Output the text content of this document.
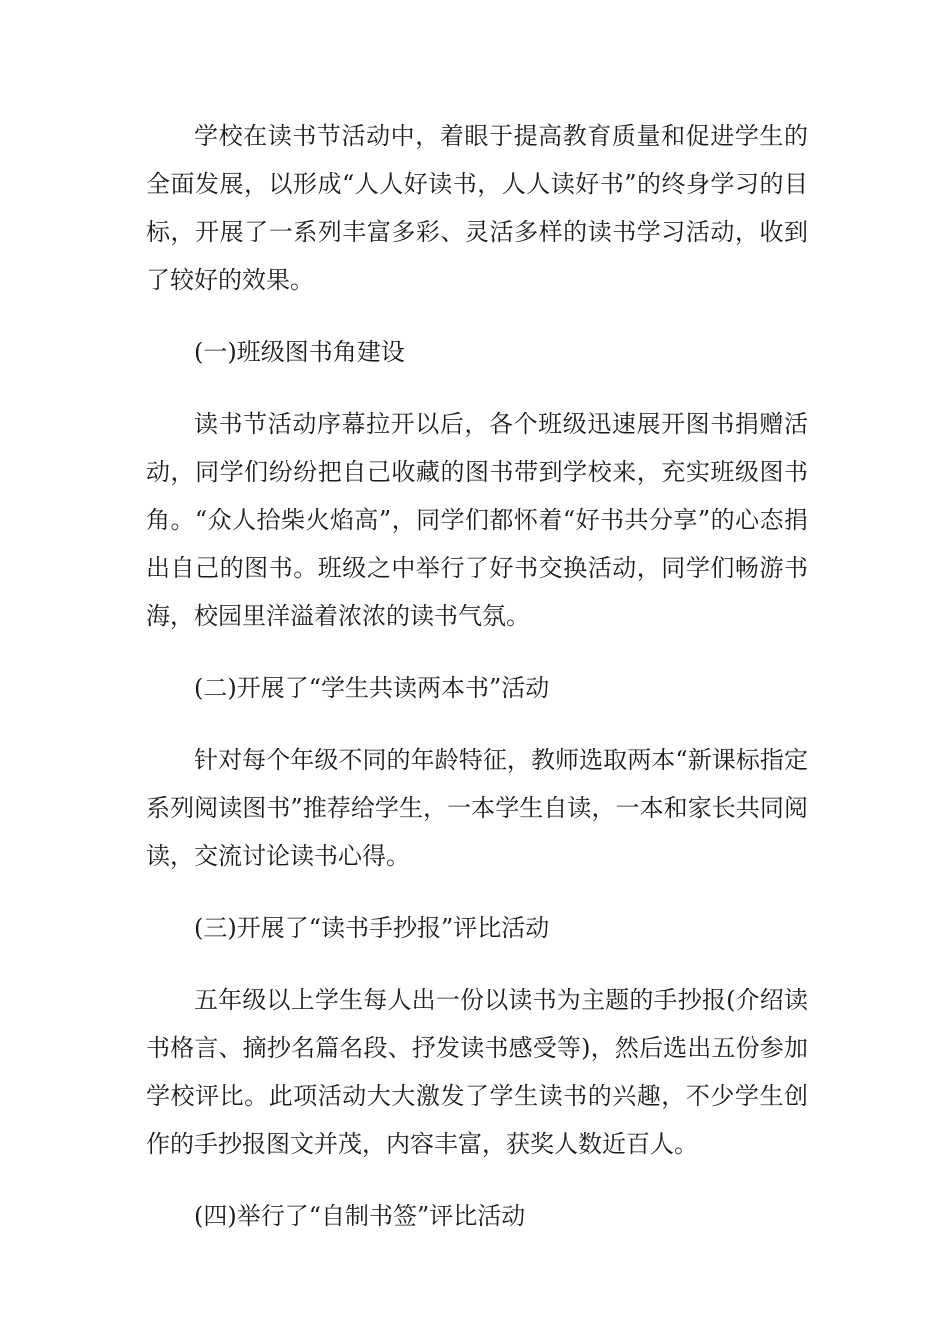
学校在读书节活动中，着眼于提高教育质量和促进学生的全面发展，以形成“人人好读书，人人读好书”的终身学习的目标，开展了一系列丰富多彩、灵活多样的读书学习活动，收到了较好的效果。

(一)班级图书角建设

读书节活动序幕拉开以后，各个班级迅速展开图书捐赠活动，同学们纷纷把自己收藏的图书带到学校来，充实班级图书角。“众人拾柴火焰高”，同学们都怀着“好书共分享”的心态捐出自己的图书。班级之中举行了好书交换活动，同学们畅游书海，校园里洋溢着浓浓的读书气氛。

(二)开展了“学生共读两本书”活动

针对每个年级不同的年龄特征，教师选取两本“新课标指定系列阅读图书”推荐给学生，一本学生自读，一本和家长共同阅读，交流讨论读书心得。

(三)开展了“读书手抄报”评比活动

五年级以上学生每人出一份以读书为主题的手抄报(介绍读书格言、摘抄名篇名段、抒发读书感受等)，然后选出五份参加学校评比。此项活动大大激发了学生读书的兴趣，不少学生创作的手抄报图文并茂，内容丰富，获奖人数近百人。

(四)举行了“自制书签”评比活动
